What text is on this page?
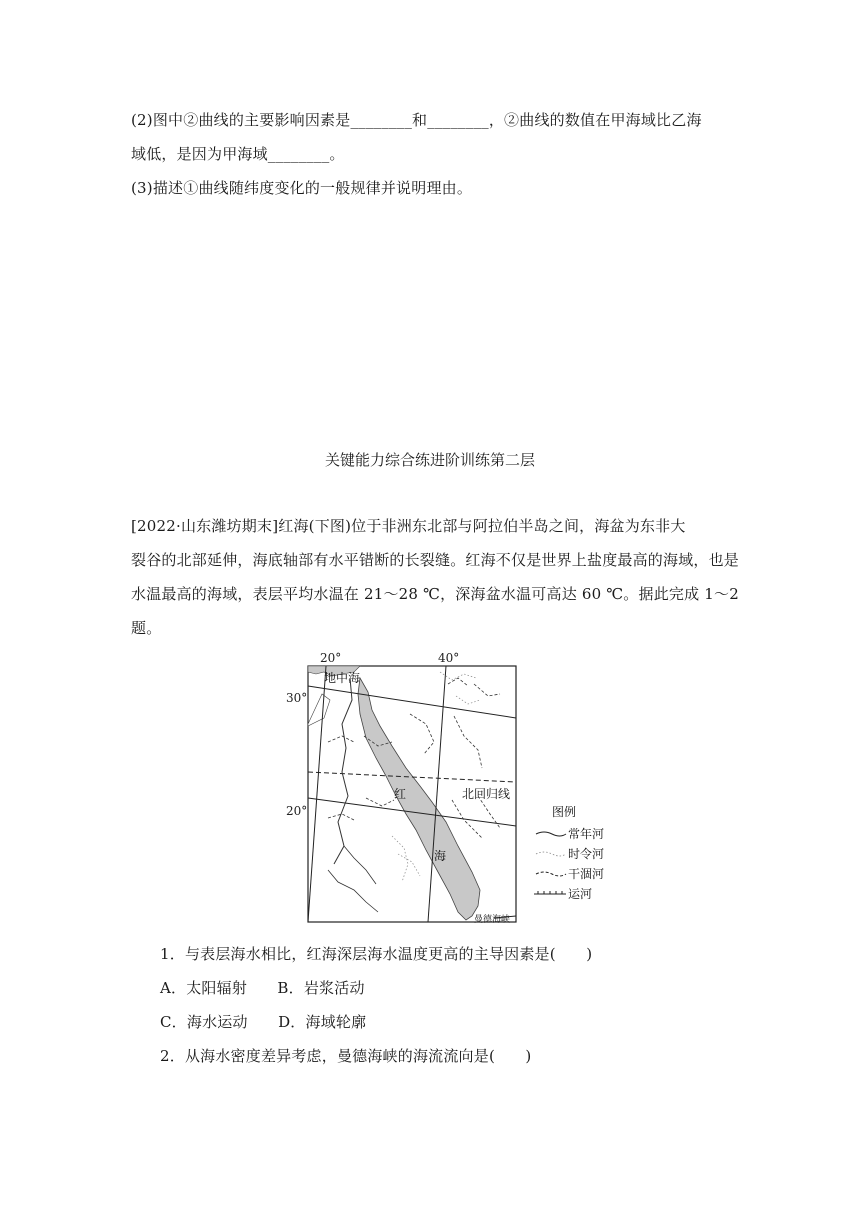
(2)图中②曲线的主要影响因素是________和________，②曲线的数值在甲海域比乙海
域低，是因为甲海域________。
(3)描述①曲线随纬度变化的一般规律并说明理由。
关键能力综合练进阶训练第二层
[2022·山东潍坊期末]红海(下图)位于非洲东北部与阿拉伯半岛之间，海盆为东非大
裂谷的北部延伸，海底轴部有水平错断的长裂缝。红海不仅是世界上盐度最高的海域，也是
水温最高的海域，表层平均水温在 21～28 ℃，深海盆水温可高达 60 ℃。据此完成 1～2
题。
20°	40°
30°
20°
地中海
红
海
北回归线
曼德海峡
图例
常年河
时令河
干涸河
运河
1．与表层海水相比，红海深层海水温度更高的主导因素是(　　)
A．太阳辐射　　B．岩浆活动
C．海水运动　　D．海域轮廓
2．从海水密度差异考虑，曼德海峡的海流流向是(　　)
